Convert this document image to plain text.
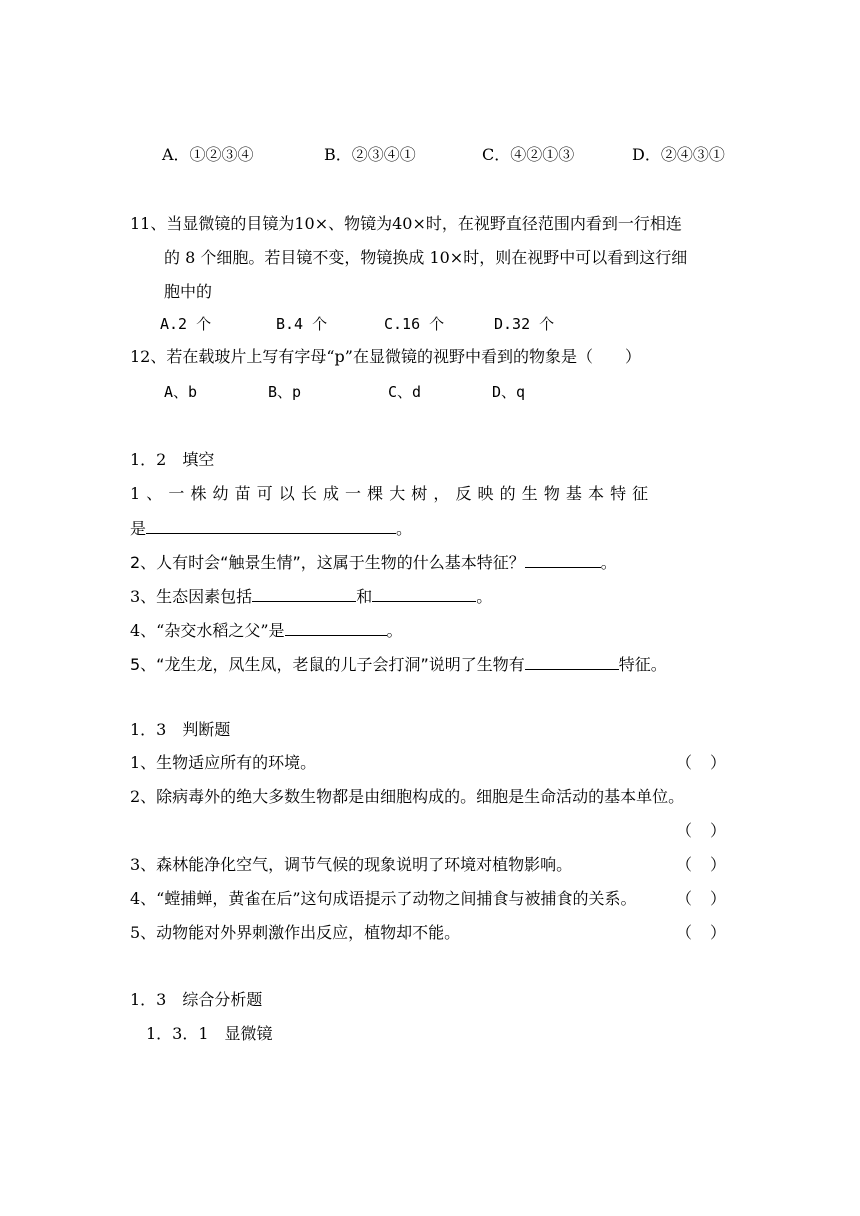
A．①②③④	B．②③④①	C．④②①③	D．②④③①
11、当显微镜的目镜为10×、物镜为40×时，在视野直径范围内看到一行相连
的 8 个细胞。若目镜不变，物镜换成 10×时，则在视野中可以看到这行细
胞中的
A.2 个	B.4 个	C.16 个	D.32 个
12、若在载玻片上写有字母“p”在显微镜的视野中看到的物象是（　　）
A、b	B、p	C、d	D、q
1．2　填空
1 、 一 株 幼 苗 可 以 长 成 一 棵 大 树 ， 反 映 的 生 物 基 本 特 征
是	。
2、人有时会“触景生情”，这属于生物的什么基本特征？	。
3、生态因素包括	和	。
4、“杂交水稻之父”是	。
5、“龙生龙，凤生凤，老鼠的儿子会打洞”说明了生物有	特征。
1．3　判断题
1、生物适应所有的环境。	（ ）
2、除病毒外的绝大多数生物都是由细胞构成的。细胞是生命活动的基本单位。
（ ）
3、森林能净化空气，调节气候的现象说明了环境对植物影响。	（ ）
4、“螳捕蝉，黄雀在后”这句成语提示了动物之间捕食与被捕食的关系。 （ ）
5、动物能对外界刺激作出反应，植物却不能。	（ ）
1．3　综合分析题
1．3．1　显微镜
